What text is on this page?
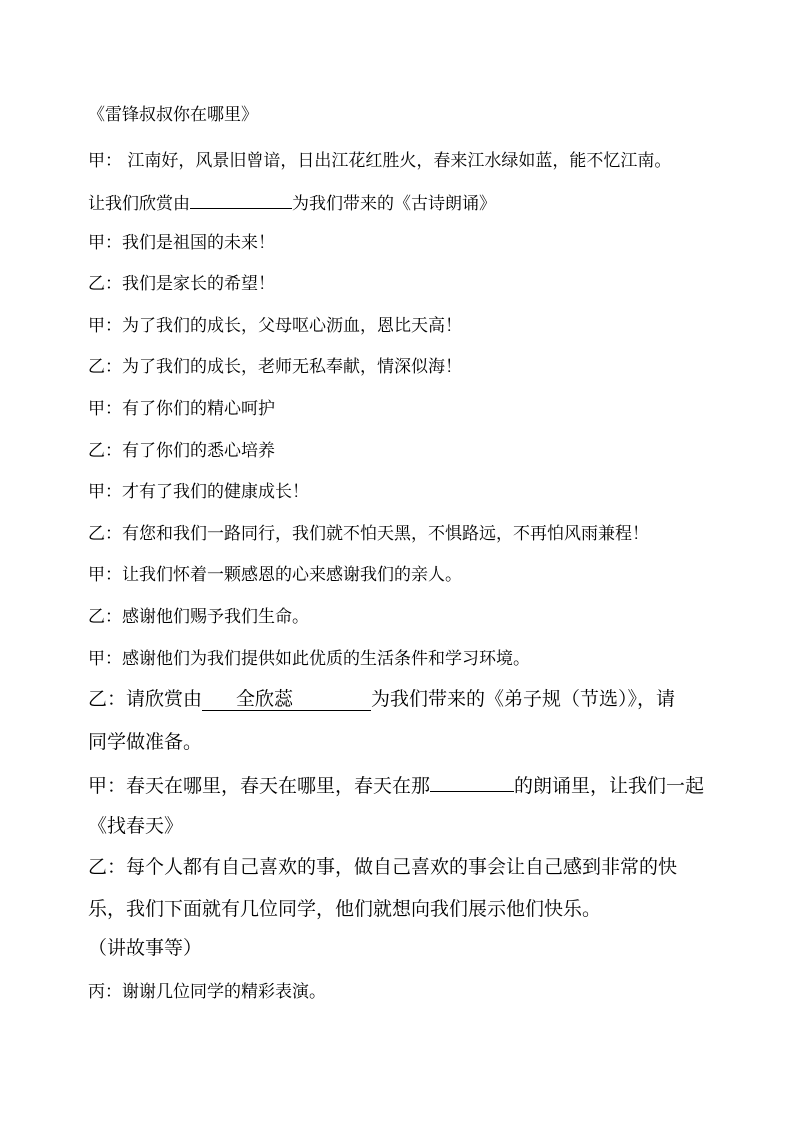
《雷锋叔叔你在哪里》
甲： 江南好，风景旧曾谙，日出江花红胜火，春来江水绿如蓝，能不忆江南。
让我们欣赏由	为我们带来的《古诗朗诵》
甲：我们是祖国的未来！
乙：我们是家长的希望！
甲：为了我们的成长，父母呕心沥血，恩比天高！
乙：为了我们的成长，老师无私奉献，情深似海！
甲：有了你们的精心呵护
乙：有了你们的悉心培养
甲：才有了我们的健康成长！
乙：有您和我们一路同行，我们就不怕天黑，不惧路远，不再怕风雨兼程！
甲：让我们怀着一颗感恩的心来感谢我们的亲人。
乙：感谢他们赐予我们生命。
甲：感谢他们为我们提供如此优质的生活条件和学习环境。
乙：请欣赏由 全欣蕊	为我们带来的《弟子规（节选）》，请
同学做准备。
甲：春天在哪里，春天在哪里，春天在那	的朗诵里，让我们一起
《找春天》
乙：每个人都有自己喜欢的事，做自己喜欢的事会让自己感到非常的快
乐，我们下面就有几位同学，他们就想向我们展示他们快乐。
（讲故事等）
丙：谢谢几位同学的精彩表演。
